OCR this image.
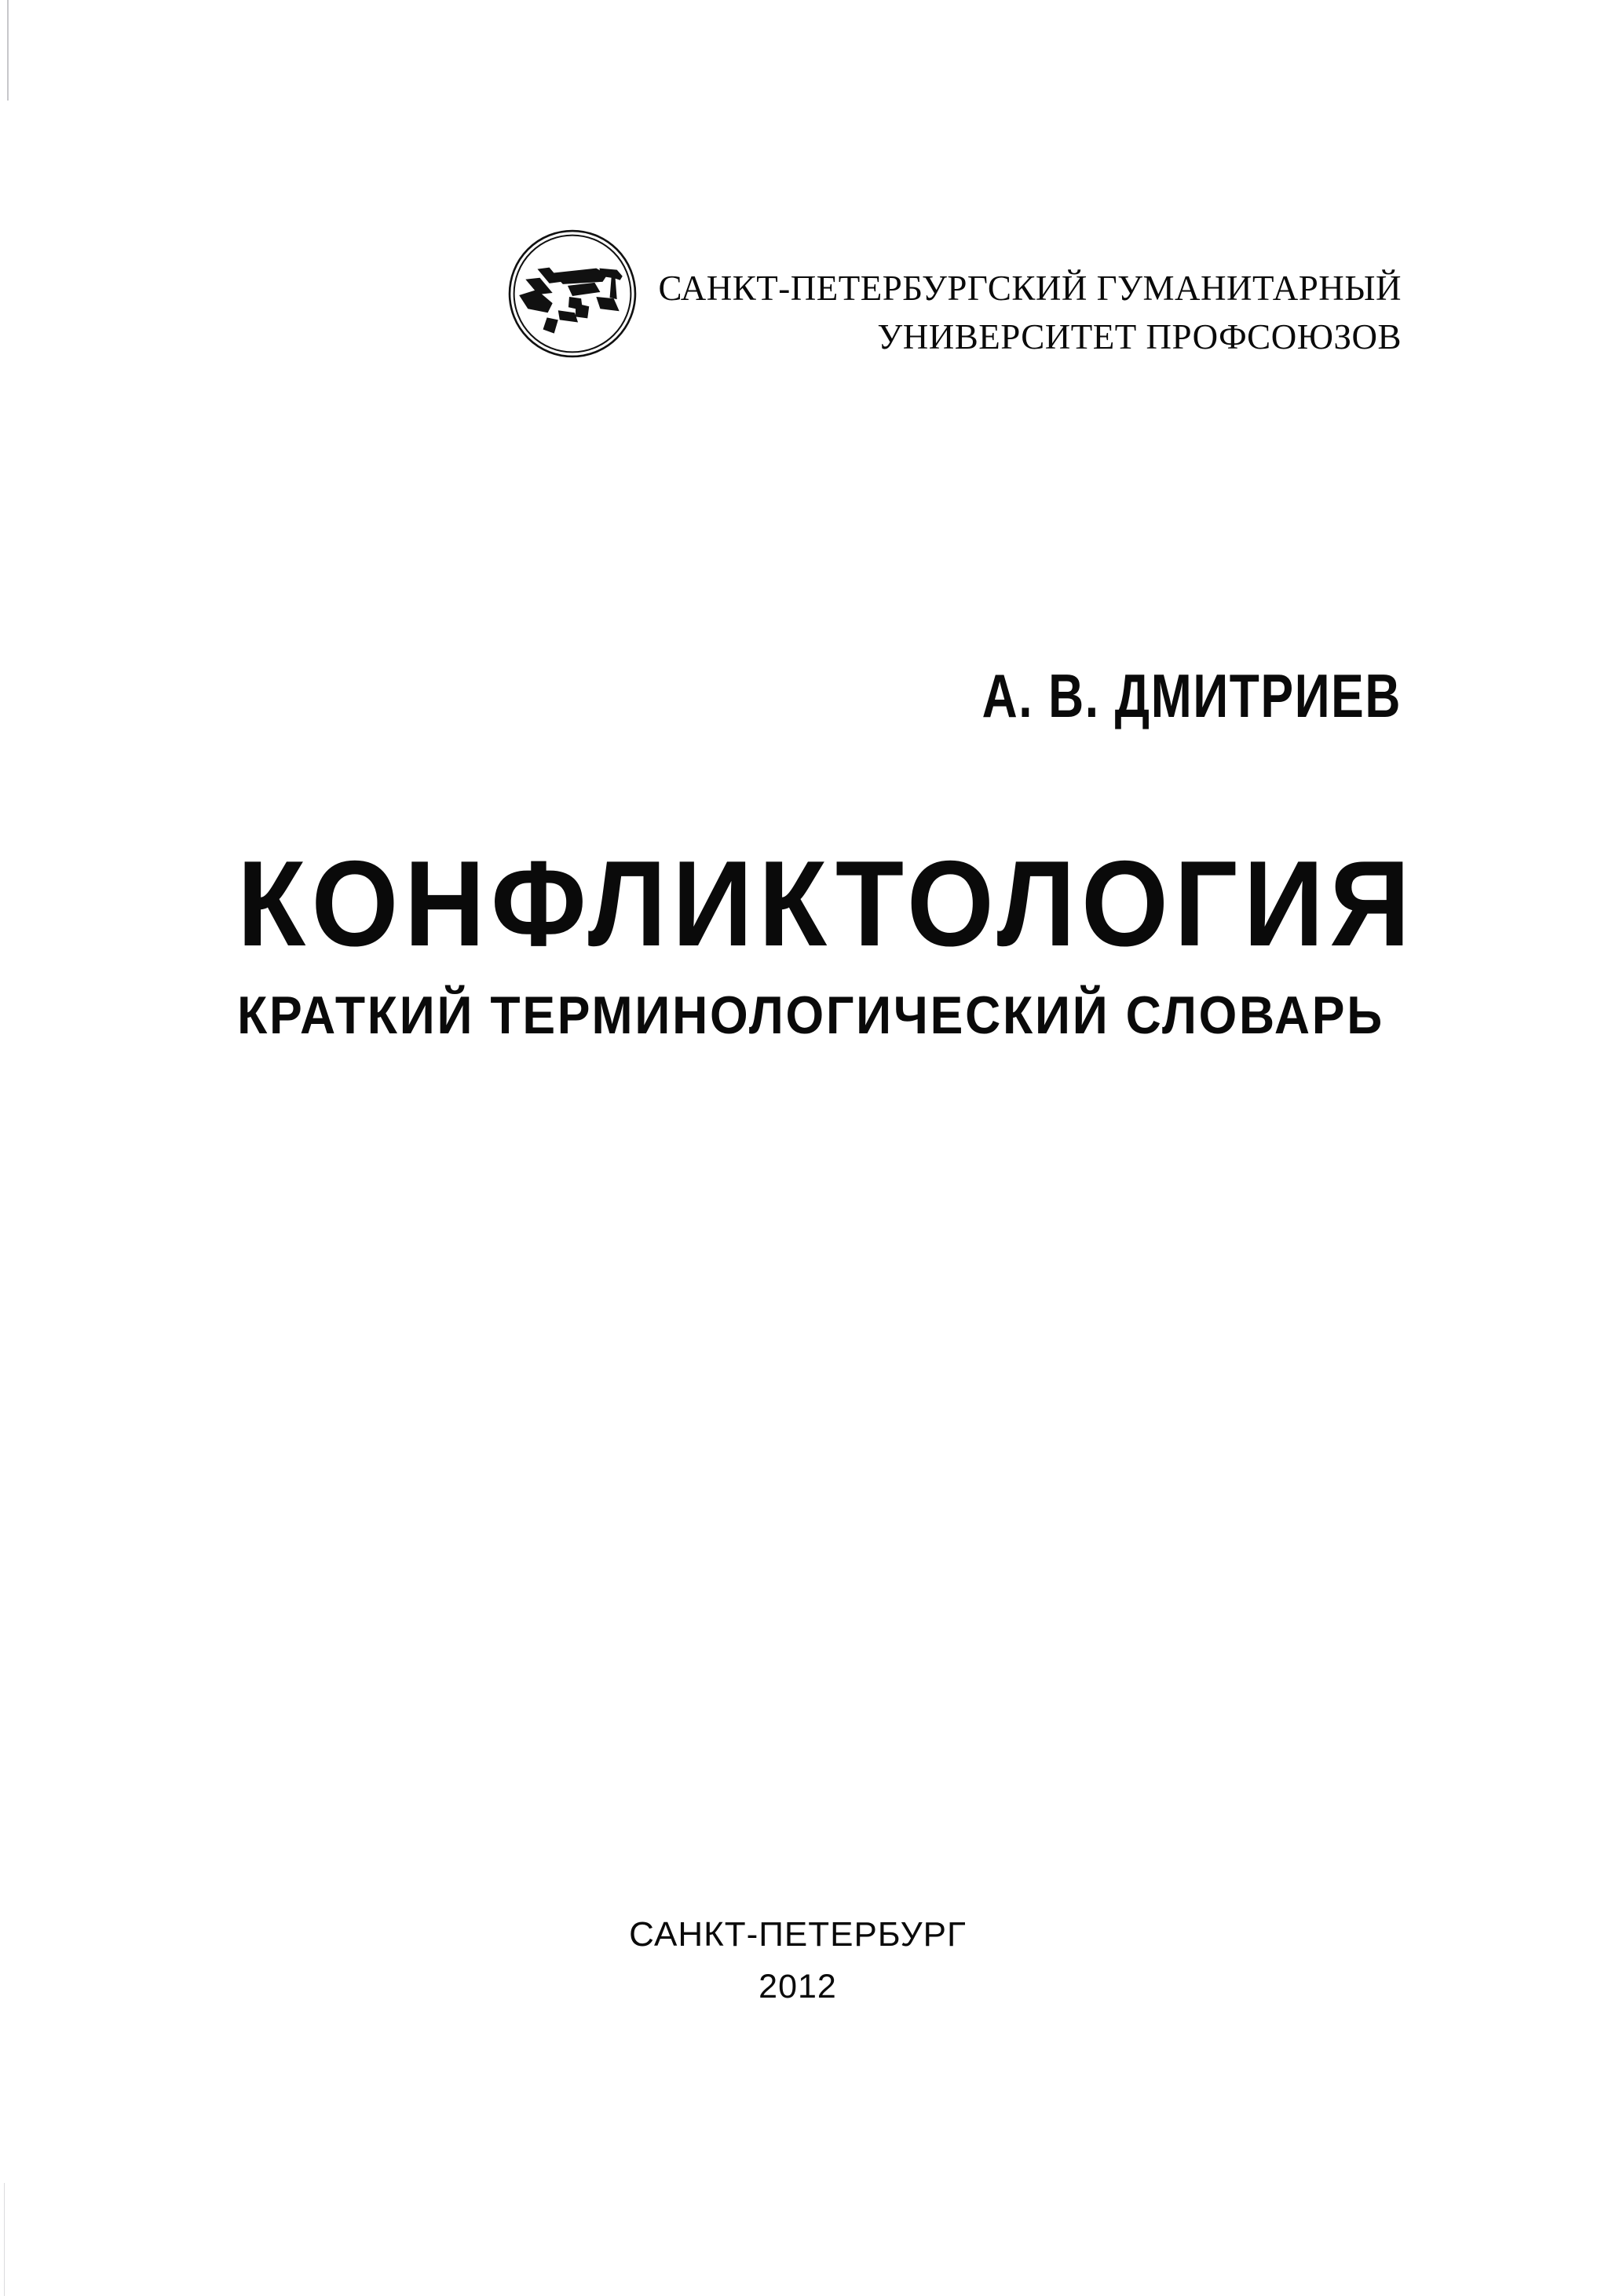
САНКТ-ПЕТЕРБУРГСКИЙ ГУМАНИТАРНЫЙ
УНИВЕРСИТЕТ ПРОФСОЮЗОВ
А. В. ДМИТРИЕВ
КОНФЛИКТОЛОГИЯ
КРАТКИЙ ТЕРМИНОЛОГИЧЕСКИЙ СЛОВАРЬ
САНКТ-ПЕТЕРБУРГ
2012
